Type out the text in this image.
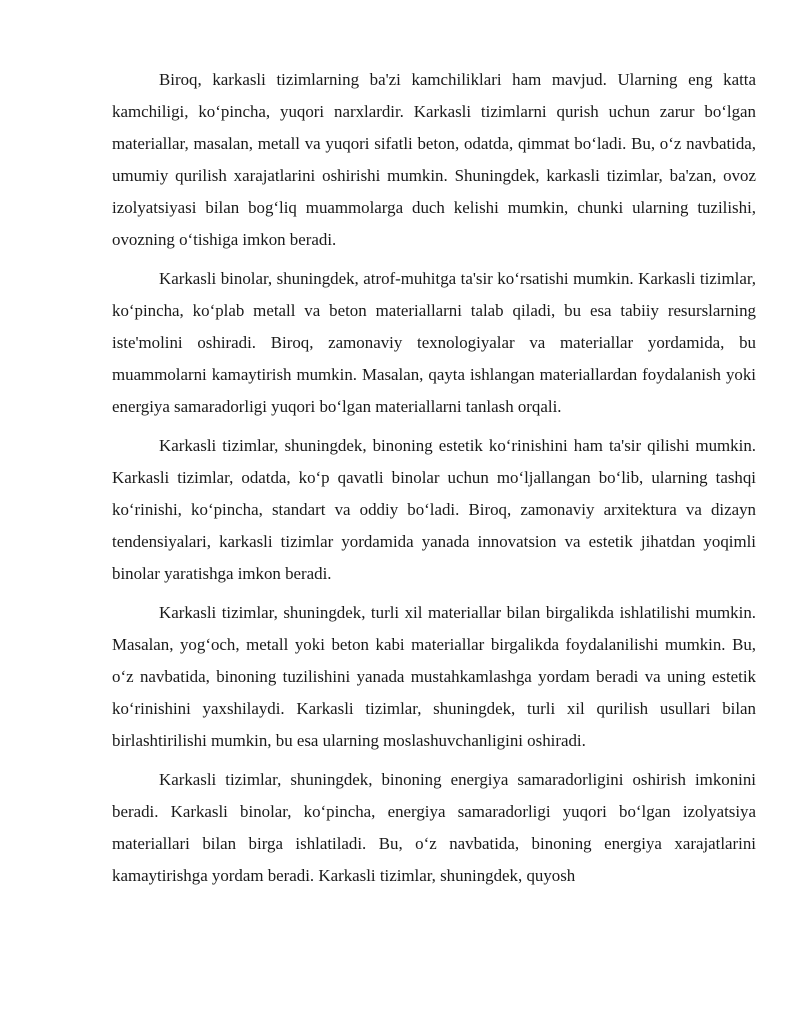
Biroq, karkasli tizimlarning ba'zi kamchiliklari ham mavjud. Ularning eng katta kamchiligi, koʻpincha, yuqori narxlardir. Karkasli tizimlarni qurish uchun zarur boʻlgan materiallar, masalan, metall va yuqori sifatli beton, odatda, qimmat boʻladi. Bu, oʻz navbatida, umumiy qurilish xarajatlarini oshirishi mumkin. Shuningdek, karkasli tizimlar, ba'zan, ovoz izolyatsiyasi bilan bogʻliq muammolarga duch kelishi mumkin, chunki ularning tuzilishi, ovozning oʻtishiga imkon beradi.

Karkasli binolar, shuningdek, atrof-muhitga ta'sir koʻrsatishi mumkin. Karkasli tizimlar, koʻpincha, koʻplab metall va beton materiallarni talab qiladi, bu esa tabiiy resurslarning iste'molini oshiradi. Biroq, zamonaviy texnologiyalar va materiallar yordamida, bu muammolarni kamaytirish mumkin. Masalan, qayta ishlangan materiallardan foydalanish yoki energiya samaradorligi yuqori boʻlgan materiallarni tanlash orqali.

Karkasli tizimlar, shuningdek, binoning estetik koʻrinishini ham ta'sir qilishi mumkin. Karkasli tizimlar, odatda, koʻp qavatli binolar uchun moʻljallangan boʻlib, ularning tashqi koʻrinishi, koʻpincha, standart va oddiy boʻladi. Biroq, zamonaviy arxitektura va dizayn tendensiyalari, karkasli tizimlar yordamida yanada innovatsion va estetik jihatdan yoqimli binolar yaratishga imkon beradi.

Karkasli tizimlar, shuningdek, turli xil materiallar bilan birgalikda ishlatilishi mumkin. Masalan, yogʻoch, metall yoki beton kabi materiallar birgalikda foydalanilishi mumkin. Bu, oʻz navbatida, binoning tuzilishini yanada mustahkamlashga yordam beradi va uning estetik koʻrinishini yaxshilaydi. Karkasli tizimlar, shuningdek, turli xil qurilish usullari bilan birlashtirilishi mumkin, bu esa ularning moslashuvchanligini oshiradi.

Karkasli tizimlar, shuningdek, binoning energiya samaradorligini oshirish imkonini beradi. Karkasli binolar, koʻpincha, energiya samaradorligi yuqori boʻlgan izolyatsiya materiallari bilan birga ishlatiladi. Bu, oʻz navbatida, binoning energiya xarajatlarini kamaytirishga yordam beradi. Karkasli tizimlar, shuningdek, quyosh
